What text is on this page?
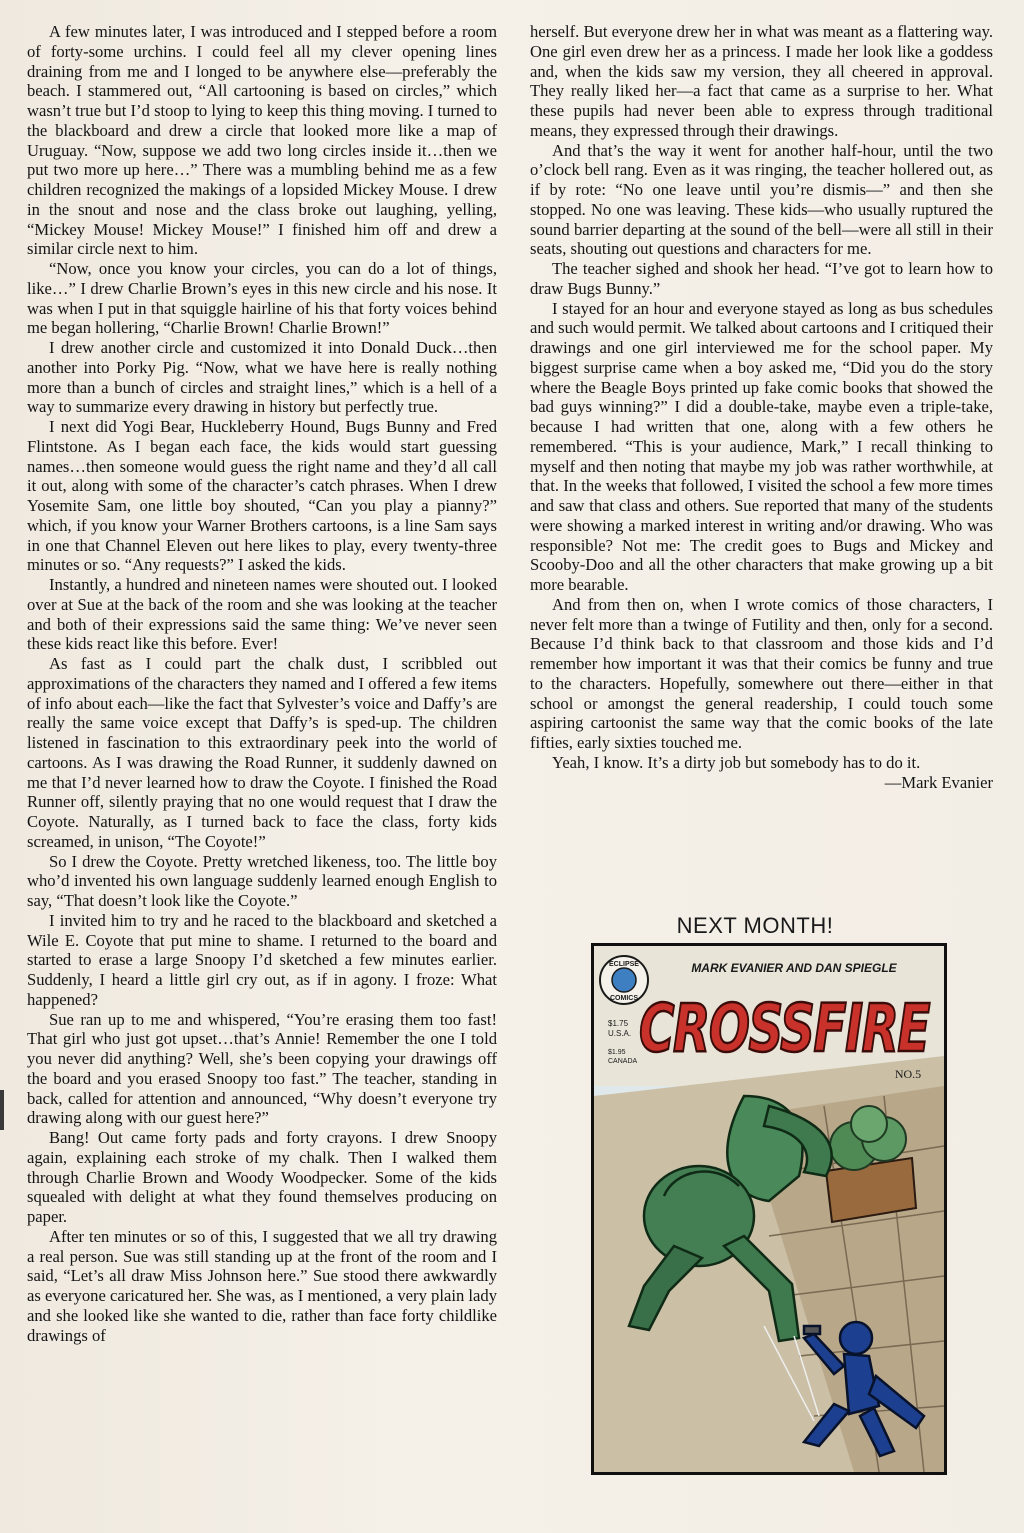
A few minutes later, I was introduced and I stepped before a room of forty-some urchins. I could feel all my clever opening lines draining from me and I longed to be anywhere else—preferably the beach. I stammered out, “All cartooning is based on circles,” which wasn’t true but I’d stoop to lying to keep this thing moving. I turned to the blackboard and drew a circle that looked more like a map of Uruguay. “Now, suppose we add two long circles inside it…then we put two more up here…” There was a mumbling behind me as a few children recognized the makings of a lopsided Mickey Mouse. I drew in the snout and nose and the class broke out laughing, yelling, “Mickey Mouse! Mickey Mouse!” I finished him off and drew a similar circle next to him.

“Now, once you know your circles, you can do a lot of things, like…” I drew Charlie Brown’s eyes in this new circle and his nose. It was when I put in that squiggle hairline of his that forty voices behind me began hollering, “Charlie Brown! Charlie Brown!”

I drew another circle and customized it into Donald Duck…then another into Porky Pig. “Now, what we have here is really nothing more than a bunch of circles and straight lines,” which is a hell of a way to summarize every drawing in history but perfectly true.

I next did Yogi Bear, Huckleberry Hound, Bugs Bunny and Fred Flintstone. As I began each face, the kids would start guessing names…then someone would guess the right name and they’d all call it out, along with some of the character’s catch phrases. When I drew Yosemite Sam, one little boy shouted, “Can you play a pianny?” which, if you know your Warner Brothers cartoons, is a line Sam says in one that Channel Eleven out here likes to play, every twenty-three minutes or so. “Any requests?” I asked the kids.

Instantly, a hundred and nineteen names were shouted out. I looked over at Sue at the back of the room and she was looking at the teacher and both of their expressions said the same thing: We’ve never seen these kids react like this before. Ever!

As fast as I could part the chalk dust, I scribbled out approximations of the characters they named and I offered a few items of info about each—like the fact that Sylvester’s voice and Daffy’s are really the same voice except that Daffy’s is sped-up. The children listened in fascination to this extraordinary peek into the world of cartoons. As I was drawing the Road Runner, it suddenly dawned on me that I’d never learned how to draw the Coyote. I finished the Road Runner off, silently praying that no one would request that I draw the Coyote. Naturally, as I turned back to face the class, forty kids screamed, in unison, “The Coyote!”

So I drew the Coyote. Pretty wretched likeness, too. The little boy who’d invented his own language suddenly learned enough English to say, “That doesn’t look like the Coyote.”

I invited him to try and he raced to the blackboard and sketched a Wile E. Coyote that put mine to shame. I returned to the board and started to erase a large Snoopy I’d sketched a few minutes earlier. Suddenly, I heard a little girl cry out, as if in agony. I froze: What happened?

Sue ran up to me and whispered, “You’re erasing them too fast! That girl who just got upset…that’s Annie! Remember the one I told you never did anything? Well, she’s been copying your drawings off the board and you erased Snoopy too fast.” The teacher, standing in back, called for attention and announced, “Why doesn’t everyone try drawing along with our guest here?”

Bang! Out came forty pads and forty crayons. I drew Snoopy again, explaining each stroke of my chalk. Then I walked them through Charlie Brown and Woody Woodpecker. Some of the kids squealed with delight at what they found themselves producing on paper.

After ten minutes or so of this, I suggested that we all try drawing a real person. Sue was still standing up at the front of the room and I said, “Let’s all draw Miss Johnson here.” Sue stood there awkwardly as everyone caricatured her. She was, as I mentioned, a very plain lady and she looked like she wanted to die, rather than face forty childlike drawings of

herself. But everyone drew her in what was meant as a flattering way. One girl even drew her as a princess. I made her look like a goddess and, when the kids saw my version, they all cheered in approval. They really liked her—a fact that came as a surprise to her. What these pupils had never been able to express through traditional means, they expressed through their drawings.

And that’s the way it went for another half-hour, until the two o’clock bell rang. Even as it was ringing, the teacher hollered out, as if by rote: “No one leave until you’re dismis—” and then she stopped. No one was leaving. These kids—who usually ruptured the sound barrier departing at the sound of the bell—were all still in their seats, shouting out questions and characters for me.

The teacher sighed and shook her head. “I’ve got to learn how to draw Bugs Bunny.”

I stayed for an hour and everyone stayed as long as bus schedules and such would permit. We talked about cartoons and I critiqued their drawings and one girl interviewed me for the school paper. My biggest surprise came when a boy asked me, “Did you do the story where the Beagle Boys printed up fake comic books that showed the bad guys winning?” I did a double-take, maybe even a triple-take, because I had written that one, along with a few others he remembered. “This is your audience, Mark,” I recall thinking to myself and then noting that maybe my job was rather worthwhile, at that. In the weeks that followed, I visited the school a few more times and saw that class and others. Sue reported that many of the students were showing a marked interest in writing and/or drawing. Who was responsible? Not me: The credit goes to Bugs and Mickey and Scooby-Doo and all the other characters that make growing up a bit more bearable.

And from then on, when I wrote comics of those characters, I never felt more than a twinge of Futility and then, only for a second. Because I’d think back to that classroom and those kids and I’d remember how important it was that their comics be funny and true to the characters. Hopefully, somewhere out there—either in that school or amongst the general readership, I could touch some aspiring cartoonist the same way that the comic books of the late fifties, early sixties touched me.

Yeah, I know. It’s a dirty job but somebody has to do it.

—Mark Evanier

NEXT MONTH!
ECLIPSE
COMICS
$1.75
U.S.A.
$1.95
CANADA
MARK EVANIER AND DAN SPIEGLE
CROSSFIRE
NO.5
